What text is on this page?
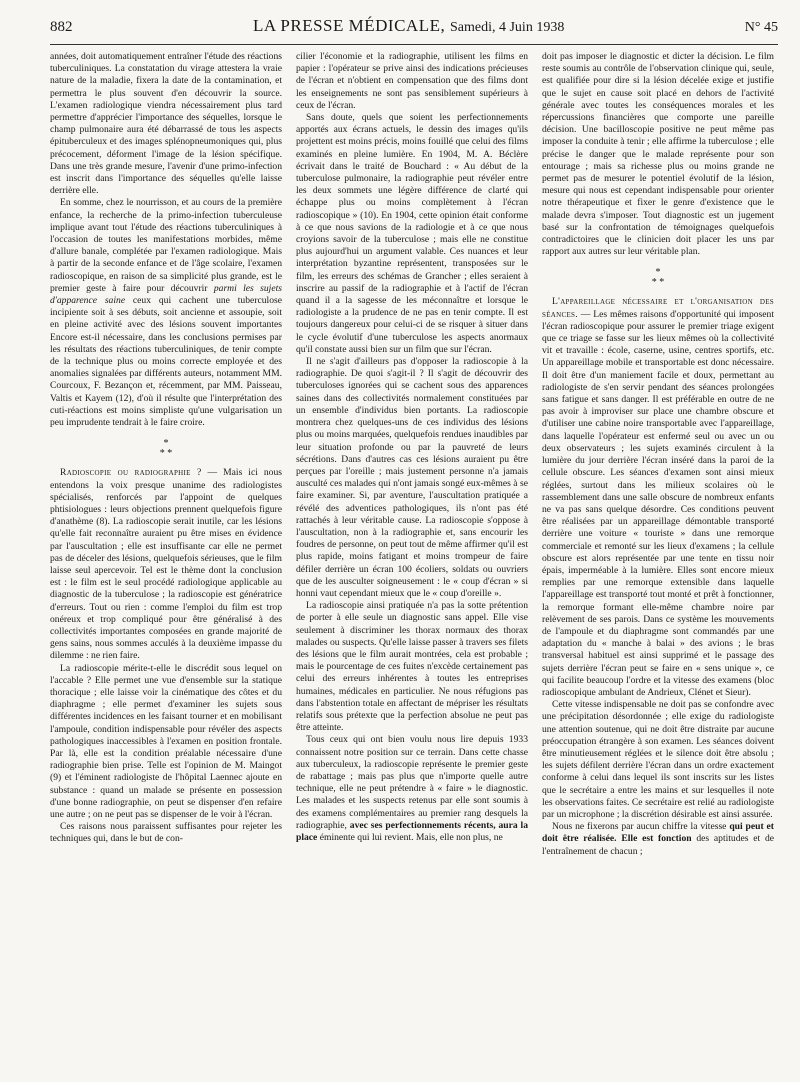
882	LA PRESSE MÉDICALE, Samedi, 4 Juin 1938	N° 45

années, doit automatiquement entraîner l'étude des réactions tuberculiniques. La constatation du virage attestera la vraie nature de la maladie, fixera la date de la contamination, et permettra le plus souvent d'en découvrir la source. L'examen radiologique viendra nécessairement plus tard permettre d'apprécier l'importance des séquelles, lorsque le champ pulmonaire aura été débarrassé de tous les aspects épituberculeux et des images splénopneumoniques qui, plus précocement, déforment l'image de la lésion spécifique. Dans une très grande mesure, l'avenir d'une primo-infection est inscrit dans l'importance des séquelles qu'elle laisse derrière elle.

En somme, chez le nourrisson, et au cours de la première enfance, la recherche de la primo-infection tuberculeuse implique avant tout l'étude des réactions tuberculiniques à l'occasion de toutes les manifestations morbides, même d'allure banale, complétée par l'examen radiologique. Mais à partir de la seconde enfance et de l'âge scolaire, l'examen radioscopique, en raison de sa simplicité plus grande, est le premier geste à faire pour découvrir parmi les sujets d'apparence saine ceux qui cachent une tuberculose incipiente soit à ses débuts, soit ancienne et assoupie, soit en pleine activité avec des lésions souvent importantes Encore est-il nécessaire, dans les conclusions permises par les résultats des réactions tuberculiniques, de tenir compte de la technique plus ou moins correcte employée et des anomalies signalées par différents auteurs, notamment MM. Courcoux, F. Bezançon et, récemment, par MM. Paisseau, Valtis et Kayem (12), d'où il résulte que l'interprétation des cuti-réactions est moins simpliste qu'une vulgarisation un peu imprudente tendrait à le faire croire.

*
* *

Radioscopie ou radiographie ? — Mais ici nous entendons la voix presque unanime des radiologistes spécialisés, renforcés par l'appoint de quelques phtisiologues : leurs objections prennent quelquefois figure d'anathème (8). La radioscopie serait inutile, car les lésions qu'elle fait reconnaître auraient pu être mises en évidence par l'auscultation ; elle est insuffisante car elle ne permet pas de déceler des lésions, quelquefois sérieuses, que le film laisse seul apercevoir. Tel est le thème dont la conclusion est : le film est le seul procédé radiologique applicable au diagnostic de la tuberculose ; la radioscopie est génératrice d'erreurs. Tout ou rien : comme l'emploi du film est trop onéreux et trop compliqué pour être généralisé à des collectivités importantes composées en grande majorité de gens sains, nous sommes acculés à la deuxième impasse du dilemme : ne rien faire.

La radioscopie mérite-t-elle le discrédit sous lequel on l'accable ? Elle permet une vue d'ensemble sur la statique thoracique ; elle laisse voir la cinématique des côtes et du diaphragme ; elle permet d'examiner les sujets sous différentes incidences en les faisant tourner et en mobilisant l'ampoule, condition indispensable pour révéler des aspects pathologiques inaccessibles à l'examen en position frontale. Par là, elle est la condition préalable nécessaire d'une radiographie bien prise. Telle est l'opinion de M. Maingot (9) et l'éminent radiologiste de l'hôpital Laennec ajoute en substance : quand un malade se présente en possession d'une bonne radiographie, on peut se dispenser d'en refaire une autre ; on ne peut pas se dispenser de le voir à l'écran.

Ces raisons nous paraissent suffisantes pour rejeter les techniques qui, dans le but de con-

cilier l'économie et la radiographie, utilisent les films en papier : l'opérateur se prive ainsi des indications précieuses de l'écran et n'obtient en compensation que des films dont les enseignements ne sont pas sensiblement supérieurs à ceux de l'écran.

Sans doute, quels que soient les perfectionnements apportés aux écrans actuels, le dessin des images qu'ils projettent est moins précis, moins fouillé que celui des films examinés en pleine lumière. En 1904, M. A. Béclère écrivait dans le traité de Bouchard : « Au début de la tuberculose pulmonaire, la radiographie peut révéler entre les deux sommets une légère différence de clarté qui échappe plus ou moins complètement à l'écran radioscopique » (10). En 1904, cette opinion était conforme à ce que nous savions de la radiologie et à ce que nous croyions savoir de la tuberculose ; mais elle ne constitue plus aujourd'hui un argument valable. Ces nuances et leur interprétation byzantine représentent, transposées sur le film, les erreurs des schémas de Grancher ; elles seraient à inscrire au passif de la radiographie et à l'actif de l'écran quand il a la sagesse de les méconnaître et lorsque le radiologiste a la prudence de ne pas en tenir compte. Il est toujours dangereux pour celui-ci de se risquer à situer dans le cycle évolutif d'une tuberculose les aspects anormaux qu'il constate aussi bien sur un film que sur l'écran.

Il ne s'agit d'ailleurs pas d'opposer la radioscopie à la radiographie. De quoi s'agit-il ? Il s'agit de découvrir des tuberculoses ignorées qui se cachent sous des apparences saines dans des collectivités normalement constituées par un ensemble d'individus bien portants. La radioscopie montrera chez quelques-uns de ces individus des lésions plus ou moins marquées, quelquefois rendues inaudibles par leur situation profonde ou par la pauvreté de leurs sécrétions. Dans d'autres cas ces lésions auraient pu être perçues par l'oreille ; mais justement personne n'a jamais ausculté ces malades qui n'ont jamais songé eux-mêmes à se faire examiner. Si, par aventure, l'auscultation pratiquée a révélé des adventices pathologiques, ils n'ont pas été rattachés à leur véritable cause. La radioscopie s'oppose à l'auscultation, non à la radiographie et, sans encourir les foudres de personne, on peut tout de même affirmer qu'il est plus rapide, moins fatigant et moins trompeur de faire défiler derrière un écran 100 écoliers, soldats ou ouvriers que de les ausculter soigneusement : le « coup d'écran » si honni vaut cependant mieux que le « coup d'oreille ».

La radioscopie ainsi pratiquée n'a pas la sotte prétention de porter à elle seule un diagnostic sans appel. Elle vise seulement à discriminer les thorax normaux des thorax malades ou suspects. Qu'elle laisse passer à travers ses filets des lésions que le film aurait montrées, cela est probable ; mais le pourcentage de ces fuites n'excède certainement pas celui des erreurs inhérentes à toutes les entreprises humaines, médicales en particulier. Ne nous réfugions pas dans l'abstention totale en affectant de mépriser les résultats relatifs sous prétexte que la perfection absolue ne peut pas être atteinte.

Tous ceux qui ont bien voulu nous lire depuis 1933 connaissent notre position sur ce terrain. Dans cette chasse aux tuberculeux, la radioscopie représente le premier geste de rabattage ; mais pas plus que n'importe quelle autre technique, elle ne peut prétendre à « faire » le diagnostic. Les malades et les suspects retenus par elle sont soumis à des examens complémentaires au premier rang desquels la radiographie, avec ses perfectionnements récents, aura la place éminente qui lui revient. Mais, elle non plus, ne

doit pas imposer le diagnostic et dicter la décision. Le film reste soumis au contrôle de l'observation clinique qui, seule, est qualifiée pour dire si la lésion décelée exige et justifie que le sujet en cause soit placé en dehors de l'activité générale avec toutes les conséquences morales et les répercussions financières que comporte une pareille décision. Une bacilloscopie positive ne peut même pas imposer la conduite à tenir ; elle affirme la tuberculose ; elle précise le danger que le malade représente pour son entourage ; mais sa richesse plus ou moins grande ne permet pas de mesurer le potentiel évolutif de la lésion, mesure qui nous est cependant indispensable pour orienter notre thérapeutique et fixer le genre d'existence que le malade devra s'imposer. Tout diagnostic est un jugement basé sur la confrontation de témoignages quelquefois contradictoires que le clinicien doit placer les uns par rapport aux autres sur leur véritable plan.

*
* *

L'appareillage nécessaire et l'organisation des séances. — Les mêmes raisons d'opportunité qui imposent l'écran radioscopique pour assurer le premier triage exigent que ce triage se fasse sur les lieux mêmes où la collectivité vit et travaille : école, caserne, usine, centres sportifs, etc. Un appareillage mobile et transportable est donc nécessaire. Il doit être d'un maniement facile et doux, permettant au radiologiste de s'en servir pendant des séances prolongées sans fatigue et sans danger. Il est préférable en outre de ne pas avoir à improviser sur place une chambre obscure et d'utiliser une cabine noire transportable avec l'appareillage, dans laquelle l'opérateur est enfermé seul ou avec un ou deux observateurs ; les sujets examinés circulent à la lumière du jour derrière l'écran inséré dans la paroi de la cellule obscure. Les séances d'examen sont ainsi mieux réglées, surtout dans les milieux scolaires où le rassemblement dans une salle obscure de nombreux enfants ne va pas sans quelque désordre. Ces conditions peuvent être réalisées par un appareillage démontable transporté derrière une voiture « touriste » dans une remorque commerciale et remonté sur les lieux d'examens ; la cellule obscure est alors représentée par une tente en tissu noir épais, imperméable à la lumière. Elles sont encore mieux remplies par une remorque extensible dans laquelle l'appareillage est transporté tout monté et prêt à fonctionner, la remorque formant elle-même chambre noire par relèvement de ses parois. Dans ce système les mouvements de l'ampoule et du diaphragme sont commandés par une adaptation du « manche à balai » des avions ; le bras transversal habituel est ainsi supprimé et le passage des sujets derrière l'écran peut se faire en « sens unique », ce qui facilite beaucoup l'ordre et la vitesse des examens (bloc radioscopique ambulant de Andrieux, Clénet et Sieur).

Cette vitesse indispensable ne doit pas se confondre avec une précipitation désordonnée ; elle exige du radiologiste une attention soutenue, qui ne doit être distraite par aucune préoccupation étrangère à son examen. Les séances doivent être minutieusement réglées et le silence doit être absolu ; les sujets défilent derrière l'écran dans un ordre exactement conforme à celui dans lequel ils sont inscrits sur les listes que le secrétaire a entre les mains et sur lesquelles il note les observations faites. Ce secrétaire est relié au radiologiste par un microphone ; la discrétion désirable est ainsi assurée.

Nous ne fixerons par aucun chiffre la vitesse qui peut et doit être réalisée. Elle est fonction des aptitudes et de l'entraînement de chacun ;
